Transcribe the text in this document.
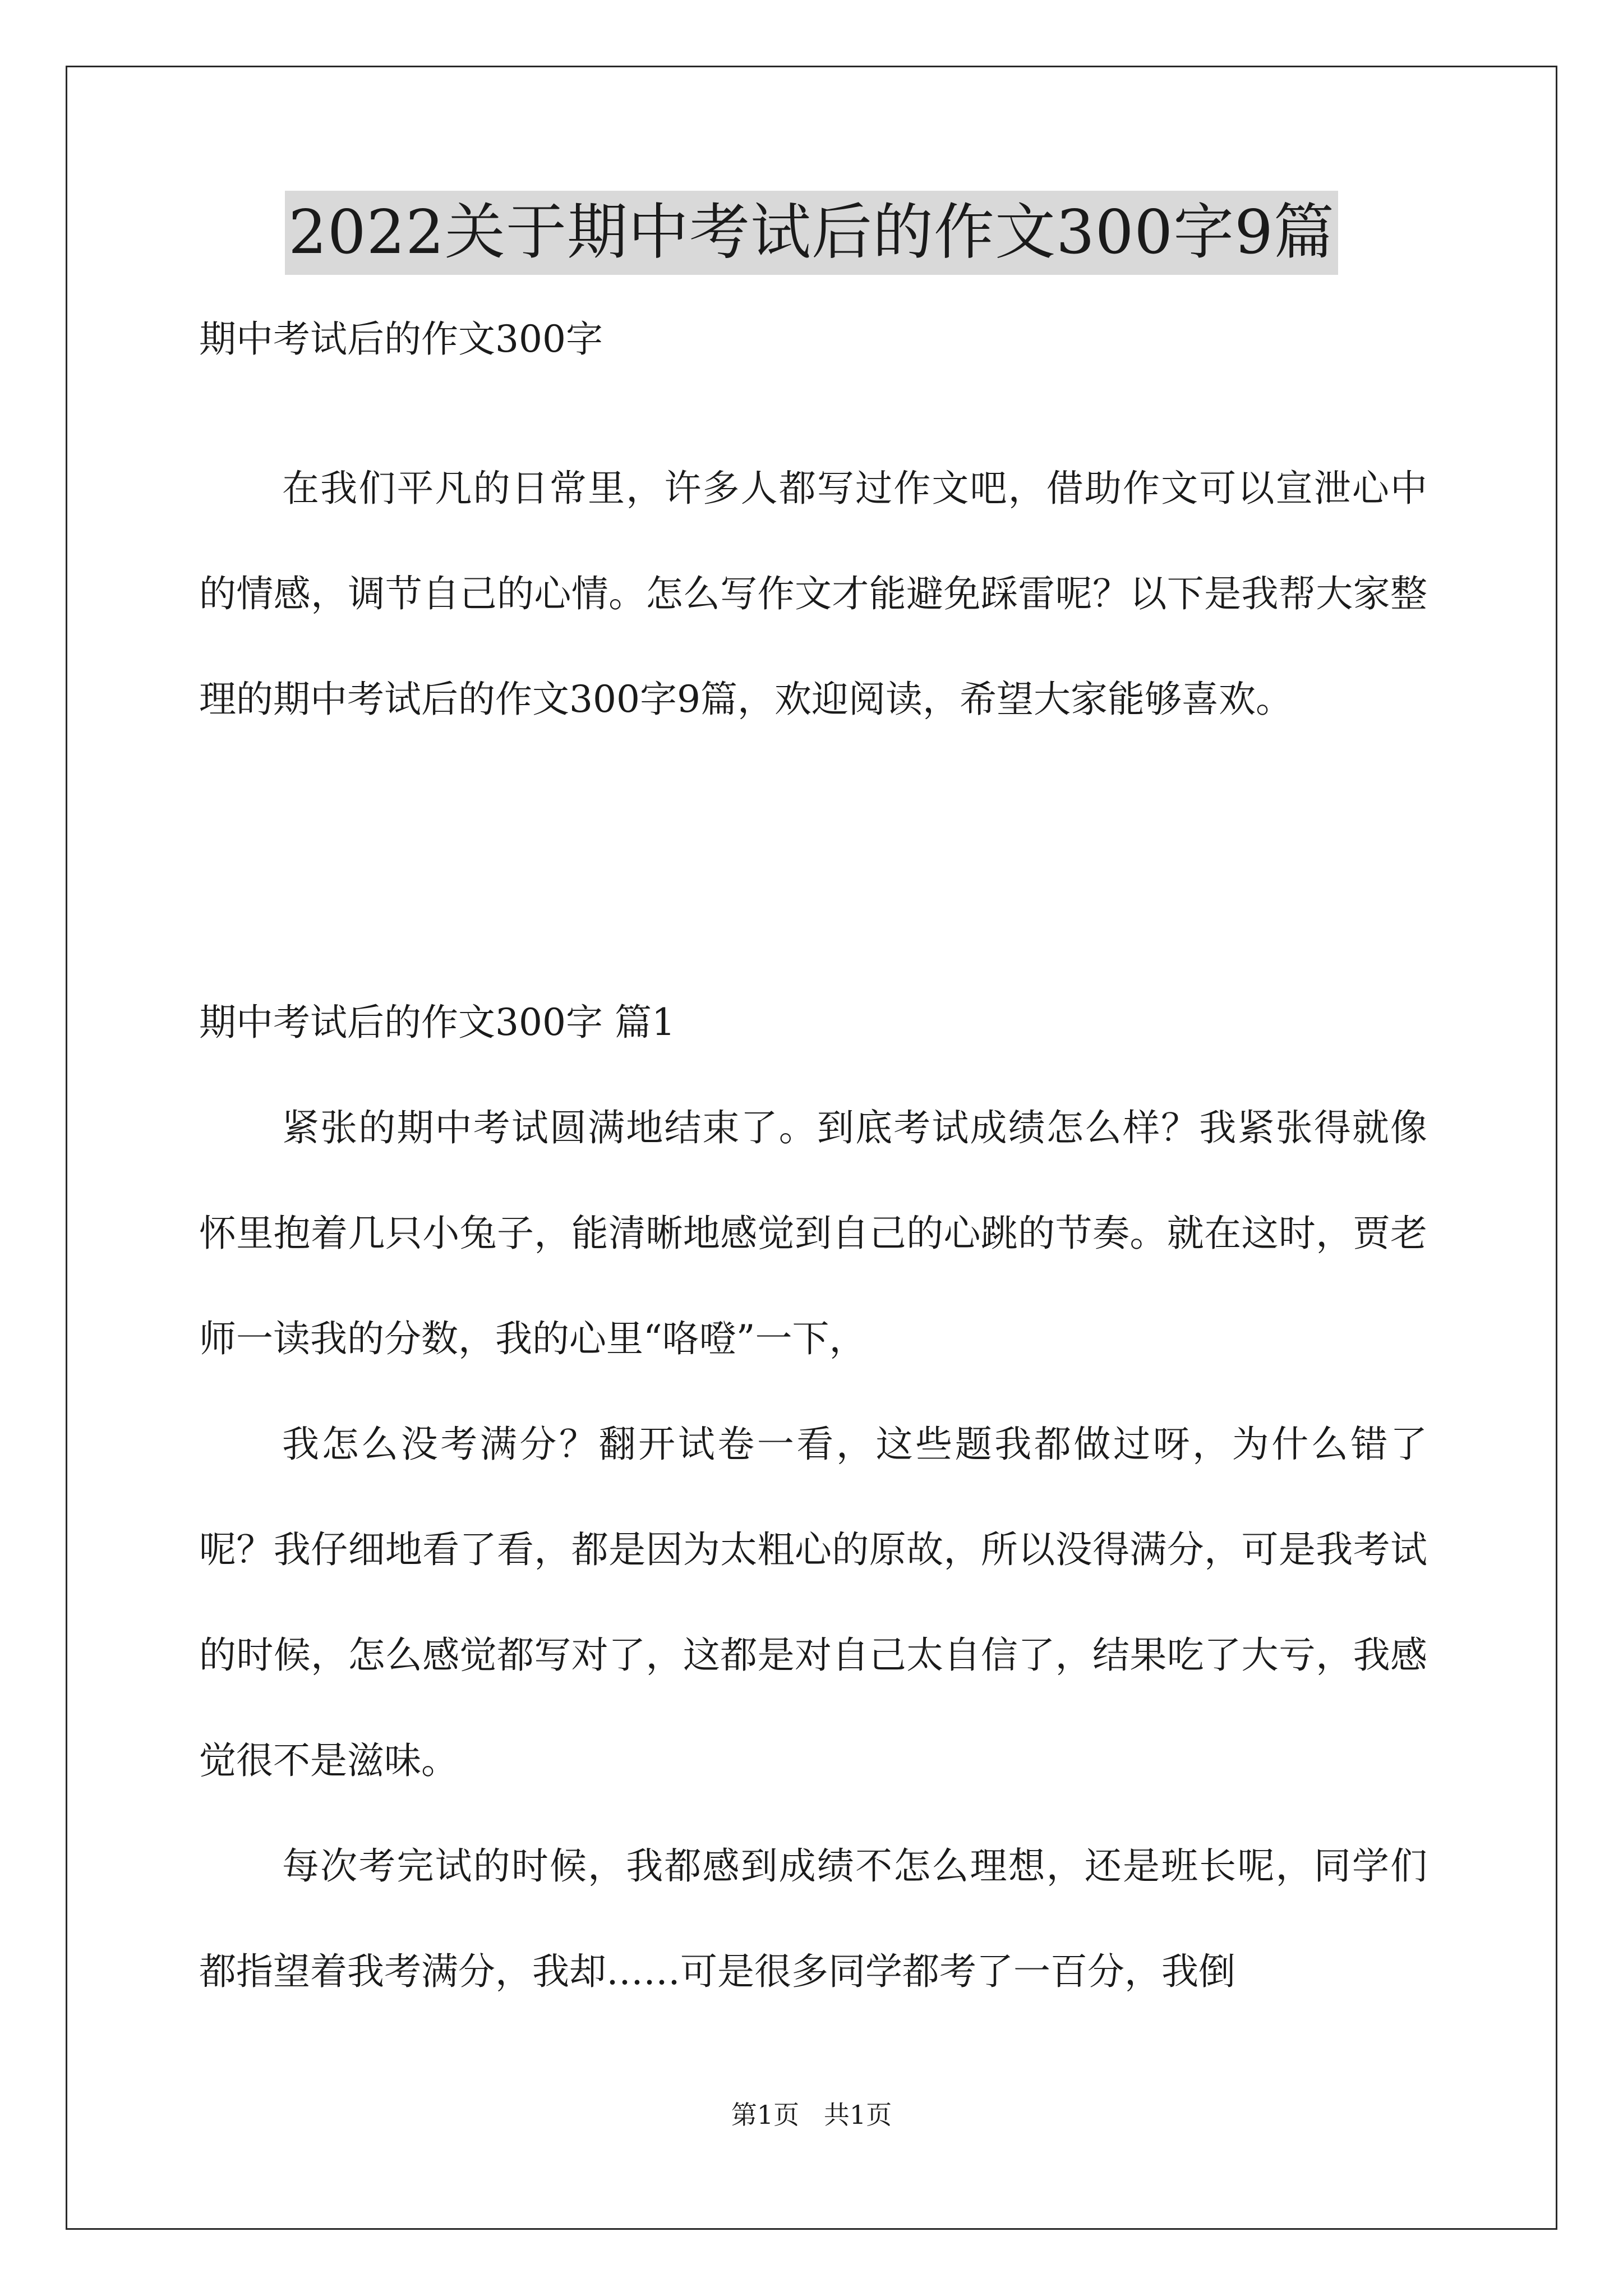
2022关于期中考试后的作文300字9篇
期中考试后的作文300字

在我们平凡的日常里，许多人都写过作文吧，借助作文可以宣泄心中的情感，调节自己的心情。怎么写作文才能避免踩雷呢？以下是我帮大家整理的期中考试后的作文300字9篇，欢迎阅读，希望大家能够喜欢。

期中考试后的作文300字 篇1

紧张的期中考试圆满地结束了。到底考试成绩怎么样？我紧张得就像怀里抱着几只小兔子，能清晰地感觉到自己的心跳的节奏。就在这时，贾老师一读我的分数，我的心里“咯噔”一下，

我怎么没考满分？翻开试卷一看，这些题我都做过呀，为什么错了呢？我仔细地看了看，都是因为太粗心的原故，所以没得满分，可是我考试的时候，怎么感觉都写对了，这都是对自己太自信了，结果吃了大亏，我感觉很不是滋味。

每次考完试的时候，我都感到成绩不怎么理想，还是班长呢，同学们都指望着我考满分，我却……可是很多同学都考了一百分，我倒

第1页   共1页
